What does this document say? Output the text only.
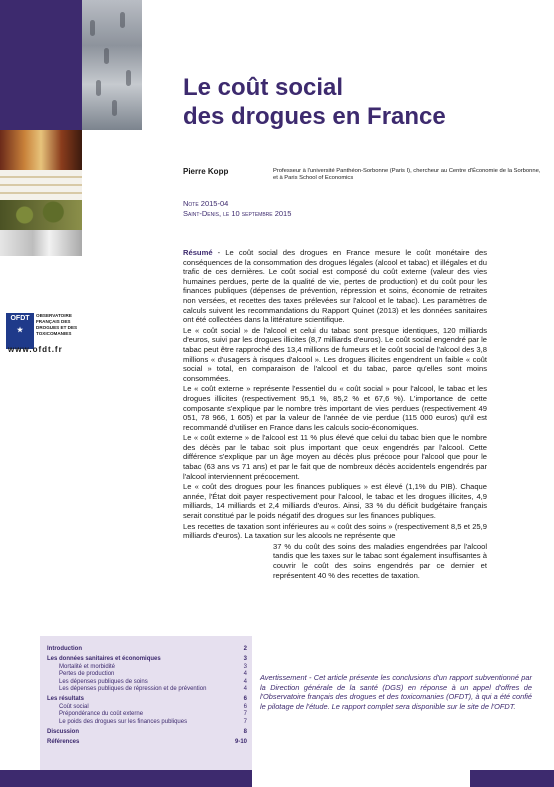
OFDT
★
OBSERVATOIRE FRANÇAIS DES DROGUES ET DES TOXICOMANIES
www.ofdt.fr
Le coût social
des drogues en France
Pierre Kopp	Professeur à l'université Panthéon-Sorbonne (Paris I), chercheur au Centre d'Économie de la Sorbonne, et à Paris School of Economics
Note 2015-04
Saint-Denis, le 10 septembre 2015

Résumé - Le coût social des drogues en France mesure le coût monétaire des conséquences de la consommation des drogues légales (alcool et tabac) et illégales et du trafic de ces dernières. Le coût social est composé du coût externe (valeur des vies humaines perdues, perte de la qualité de vie, pertes de production) et du coût pour les finances publiques (dépenses de prévention, répression et soins, économie de retraites non versées, et recettes des taxes prélevées sur l'alcool et le tabac). Les paramètres de calculs suivent les recommandations du Rapport Quinet (2013) et les données sanitaires ont été collectées dans la littérature scientifique.

Le « coût social » de l'alcool et celui du tabac sont presque identiques, 120 milliards d'euros, suivi par les drogues illicites (8,7 milliards d'euros). Le coût social engendré par le tabac peut être rapproché des 13,4 millions de fumeurs et le coût social de l'alcool des 3,8 millions « d'usagers à risques d'alcool ». Les drogues illicites engendrent un faible « coût social » total, en comparaison de l'alcool et du tabac, parce qu'elles sont moins consommées.

Le « coût externe » représente l'essentiel du « coût social » pour l'alcool, le tabac et les drogues illicites (respectivement 95,1 %, 85,2 % et 67,6 %). L'importance de cette composante s'explique par le nombre très important de vies perdues (respectivement 49 051, 78 966, 1 605) et par la valeur de l'année de vie perdue (115 000 euros) qu'il est recommandé d'utiliser en France dans les calculs socio-économiques.

Le « coût externe » de l'alcool est 11 % plus élevé que celui du tabac bien que le nombre des décès par le tabac soit plus important que ceux engendrés par l'alcool. Cette différence s'explique par un âge moyen au décès plus précoce pour l'alcool que pour le tabac (63 ans vs 71 ans) et par le fait que de nombreux décès accidentels engendrés par l'alcool interviennent précocement.

Le « coût des drogues pour les finances publiques » est élevé (1,1% du PIB). Chaque année, l'État doit payer respectivement pour l'alcool, le tabac et les drogues illicites, 4,9 milliards, 14 milliards et 2,4 milliards d'euros. Ainsi, 33 % du déficit budgétaire français serait constitué par le poids négatif des drogues sur les finances publiques.

Les recettes de taxation sont inférieures au « coût des soins » (respectivement 8,5 et 25,9 milliards d'euros). La taxation sur les alcools ne représente que

37 % du coût des soins des maladies engendrées par l'alcool tandis que les taxes sur le tabac sont également insuffisantes à couvrir le coût des soins engendrés par ce dernier et représentent 40 % des recettes de taxation.

Introduction	2
Les données sanitaires et économiques	3
Mortalité et morbidité	3
Pertes de production	4
Les dépenses publiques de soins	4
Les dépenses publiques de répression et de prévention	4
Les résultats	6
Coût social	6
Prépondérance du coût externe	7
Le poids des drogues sur les finances publiques	7
Discussion	8
Références	9-10
Avertissement - Cet article présente les conclusions d'un rapport subventionné par la Direction générale de la santé (DGS) en réponse à un appel d'offres de l'Observatoire français des drogues et des toxicomanies (OFDT), à qui a été confié le pilotage de l'étude. Le rapport complet sera disponible sur le site de l'OFDT.
